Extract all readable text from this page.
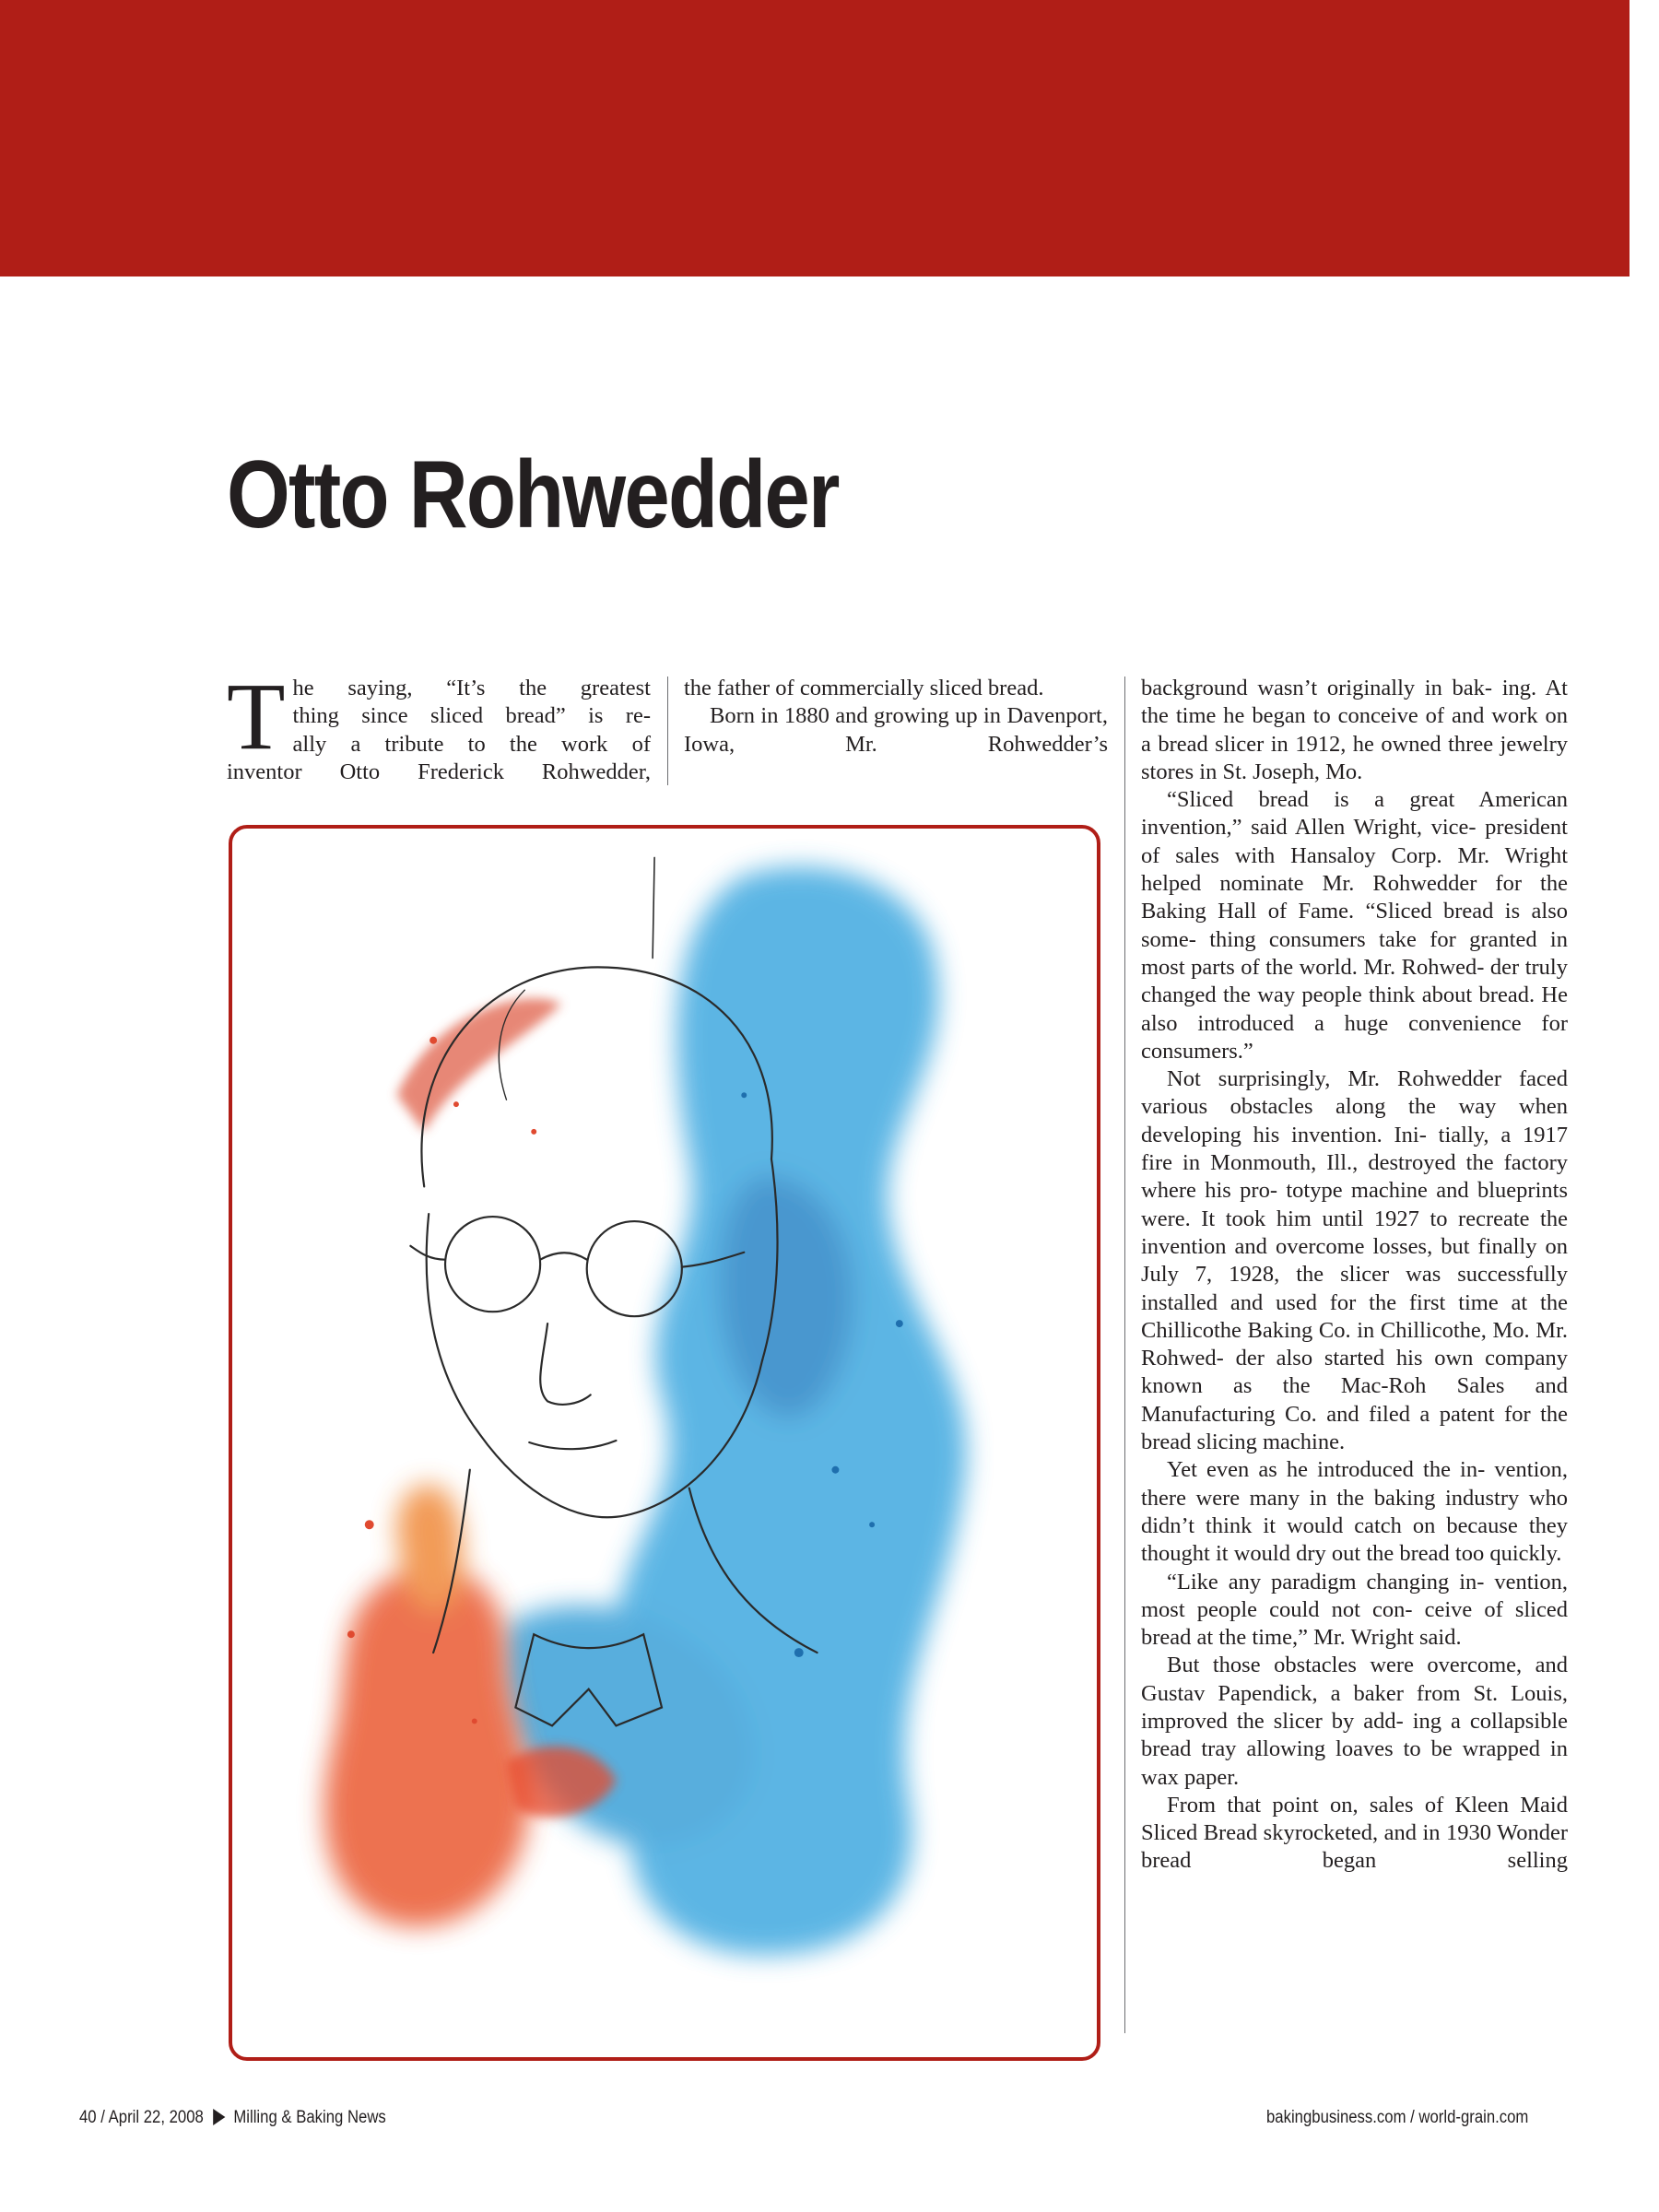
Otto Rohwedder
T he saying, “It’s the greatest
thing since sliced bread” is re-
ally a tribute to the work of
inventor Otto Frederick Rohwedder,

the father of commercially sliced bread.

Born in 1880 and growing up in Davenport, Iowa, Mr. Rohwedder’s

background wasn’t originally in bak- ing. At the time he began to conceive of and work on a bread slicer in 1912, he owned three jewelry stores in St. Joseph, Mo.

“Sliced bread is a great American invention,” said Allen Wright, vice- president of sales with Hansaloy Corp. Mr. Wright helped nominate Mr. Rohwedder for the Baking Hall of Fame. “Sliced bread is also some- thing consumers take for granted in most parts of the world. Mr. Rohwed- der truly changed the way people think about bread. He also introduced a huge convenience for consumers.”

Not surprisingly, Mr. Rohwedder faced various obstacles along the way when developing his invention. Ini- tially, a 1917 fire in Monmouth, Ill., destroyed the factory where his pro- totype machine and blueprints were. It took him until 1927 to recreate the invention and overcome losses, but finally on July 7, 1928, the slicer was successfully installed and used for the first time at the Chillicothe Baking Co. in Chillicothe, Mo. Mr. Rohwed- der also started his own company known as the Mac-Roh Sales and Manufacturing Co. and filed a patent for the bread slicing machine.

Yet even as he introduced the in- vention, there were many in the baking industry who didn’t think it would catch on because they thought it would dry out the bread too quickly.

“Like any paradigm changing in- vention, most people could not con- ceive of sliced bread at the time,” Mr. Wright said.

But those obstacles were overcome, and Gustav Papendick, a baker from St. Louis, improved the slicer by add- ing a collapsible bread tray allowing loaves to be wrapped in wax paper.

From that point on, sales of Kleen Maid Sliced Bread skyrocketed, and in 1930 Wonder bread began selling

40 / April 22, 2008 Milling & Baking News	bakingbusiness.com / world-grain.com
